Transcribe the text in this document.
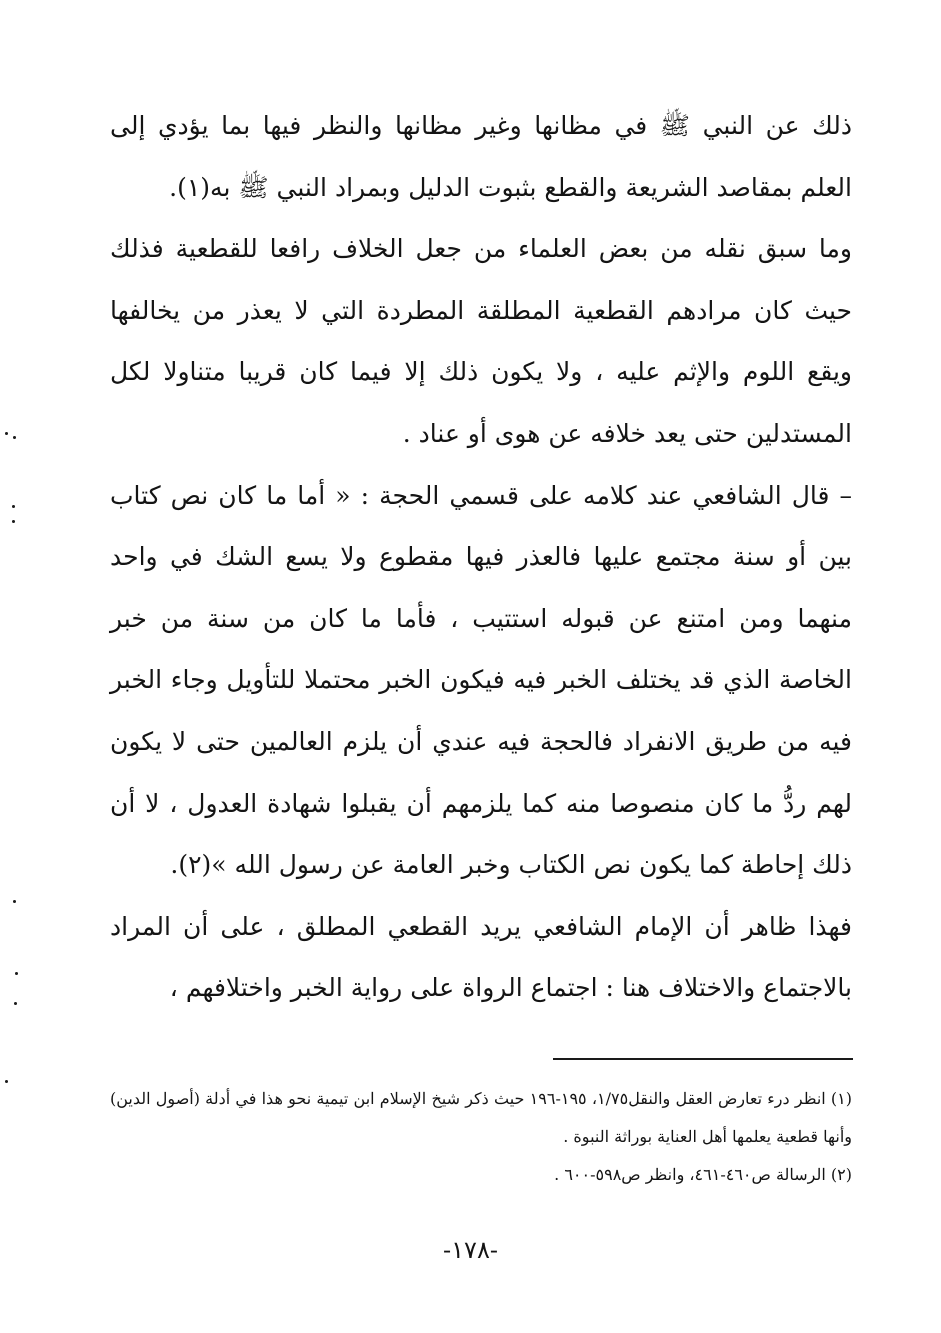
ذلك عن النبي ﷺ في مظانها وغير مظانها والنظر فيها بما يؤدي إلى العلم بمقاصد الشريعة والقطع بثبوت الدليل وبمراد النبي ﷺ به(١).

وما سبق نقله من بعض العلماء من جعل الخلاف رافعا للقطعية فذلك حيث كان مرادهم القطعية المطلقة المطردة التي لا يعذر من يخالفها ويقع اللوم والإثم عليه ، ولا يكون ذلك إلا فيما كان قريبا متناولا لكل المستدلين حتى يعد خلافه عن هوى أو عناد .

– قال الشافعي عند كلامه على قسمي الحجة : « أما ما كان نص كتاب بين أو سنة مجتمع عليها فالعذر فيها مقطوع ولا يسع الشك في واحد منهما ومن امتنع عن قبوله استتيب ، فأما ما كان من سنة من خبر الخاصة الذي قد يختلف الخبر فيه فيكون الخبر محتملا للتأويل وجاء الخبر فيه من طريق الانفراد فالحجة فيه عندي أن يلزم العالمين حتى لا يكون لهم ردُّ ما كان منصوصا منه كما يلزمهم أن يقبلوا شهادة العدول ، لا أن ذلك إحاطة كما يكون نص الكتاب وخبر العامة عن رسول الله »(٢).

فهذا ظاهر أن الإمام الشافعي يريد القطعي المطلق ، على أن المراد بالاجتماع والاختلاف هنا : اجتماع الرواة على رواية الخبر واختلافهم ،

(١) انظر درء تعارض العقل والنقل١/٧٥، ١٩٥-١٩٦ حيث ذكر شيخ الإسلام ابن تيمية نحو هذا في أدلة (أصول الدين) وأنها قطعية يعلمها أهل العناية بوراثة النبوة .

(٢) الرسالة ص٤٦٠-٤٦١، وانظر ص٥٩٨-٦٠٠ .

-١٧٨-
